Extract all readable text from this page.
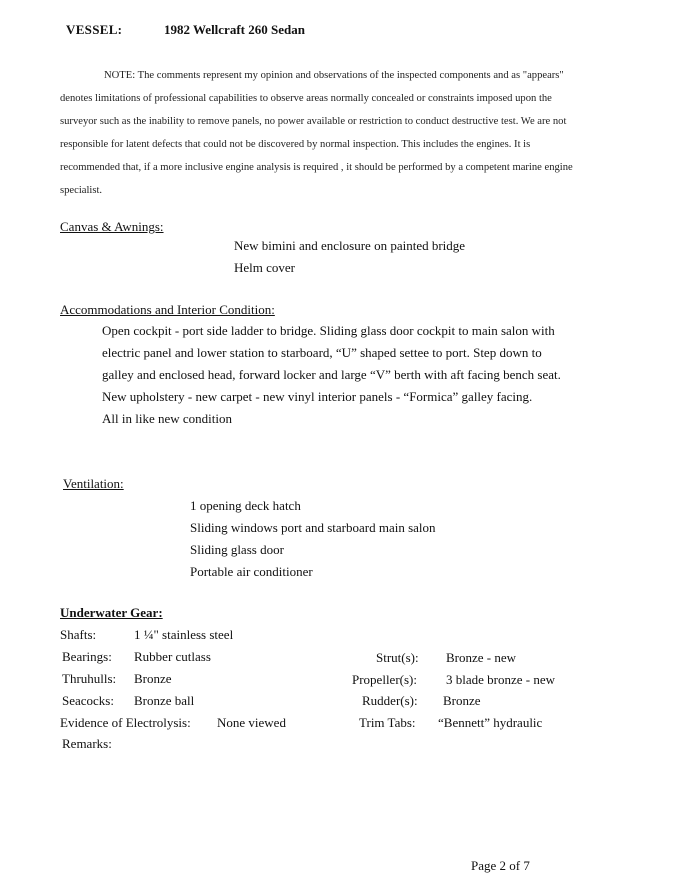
VESSEL:	1982 Wellcraft 260 Sedan
NOTE: The comments represent my opinion and observations of the inspected components and as "appears"
denotes limitations of professional capabilities to observe areas normally concealed or constraints imposed upon the
surveyor such as the inability to remove panels, no power available or restriction to conduct destructive test. We are not
responsible for latent defects that could not be discovered by normal inspection. This includes the engines. It is
recommended that, if a more inclusive engine analysis is required , it should be performed by a competent marine engine
specialist.
Canvas & Awnings:
New bimini and enclosure on painted bridge
Helm cover
Accommodations and Interior Condition:
Open cockpit - port side ladder to bridge. Sliding glass door cockpit to main salon with
electric panel and lower station to starboard, “U” shaped settee to port. Step down to
galley and enclosed head, forward locker and large “V” berth with aft facing bench seat.
New upholstery - new carpet - new vinyl interior panels - “Formica” galley facing.
All in like new condition
Ventilation:
1 opening deck hatch
Sliding windows port and starboard main salon
Sliding glass door
Portable air conditioner
Underwater Gear:
Shafts:	1 ¼" stainless steel
Bearings: Rubber cutlass
Thruhulls: Bronze
Seacocks: Bronze ball
Evidence of Electrolysis: None viewed
Remarks:
Strut(s): Bronze - new
Propeller(s): 3 blade bronze - new
Rudder(s): Bronze
Trim Tabs: “Bennett” hydraulic
Page 2 of 7
